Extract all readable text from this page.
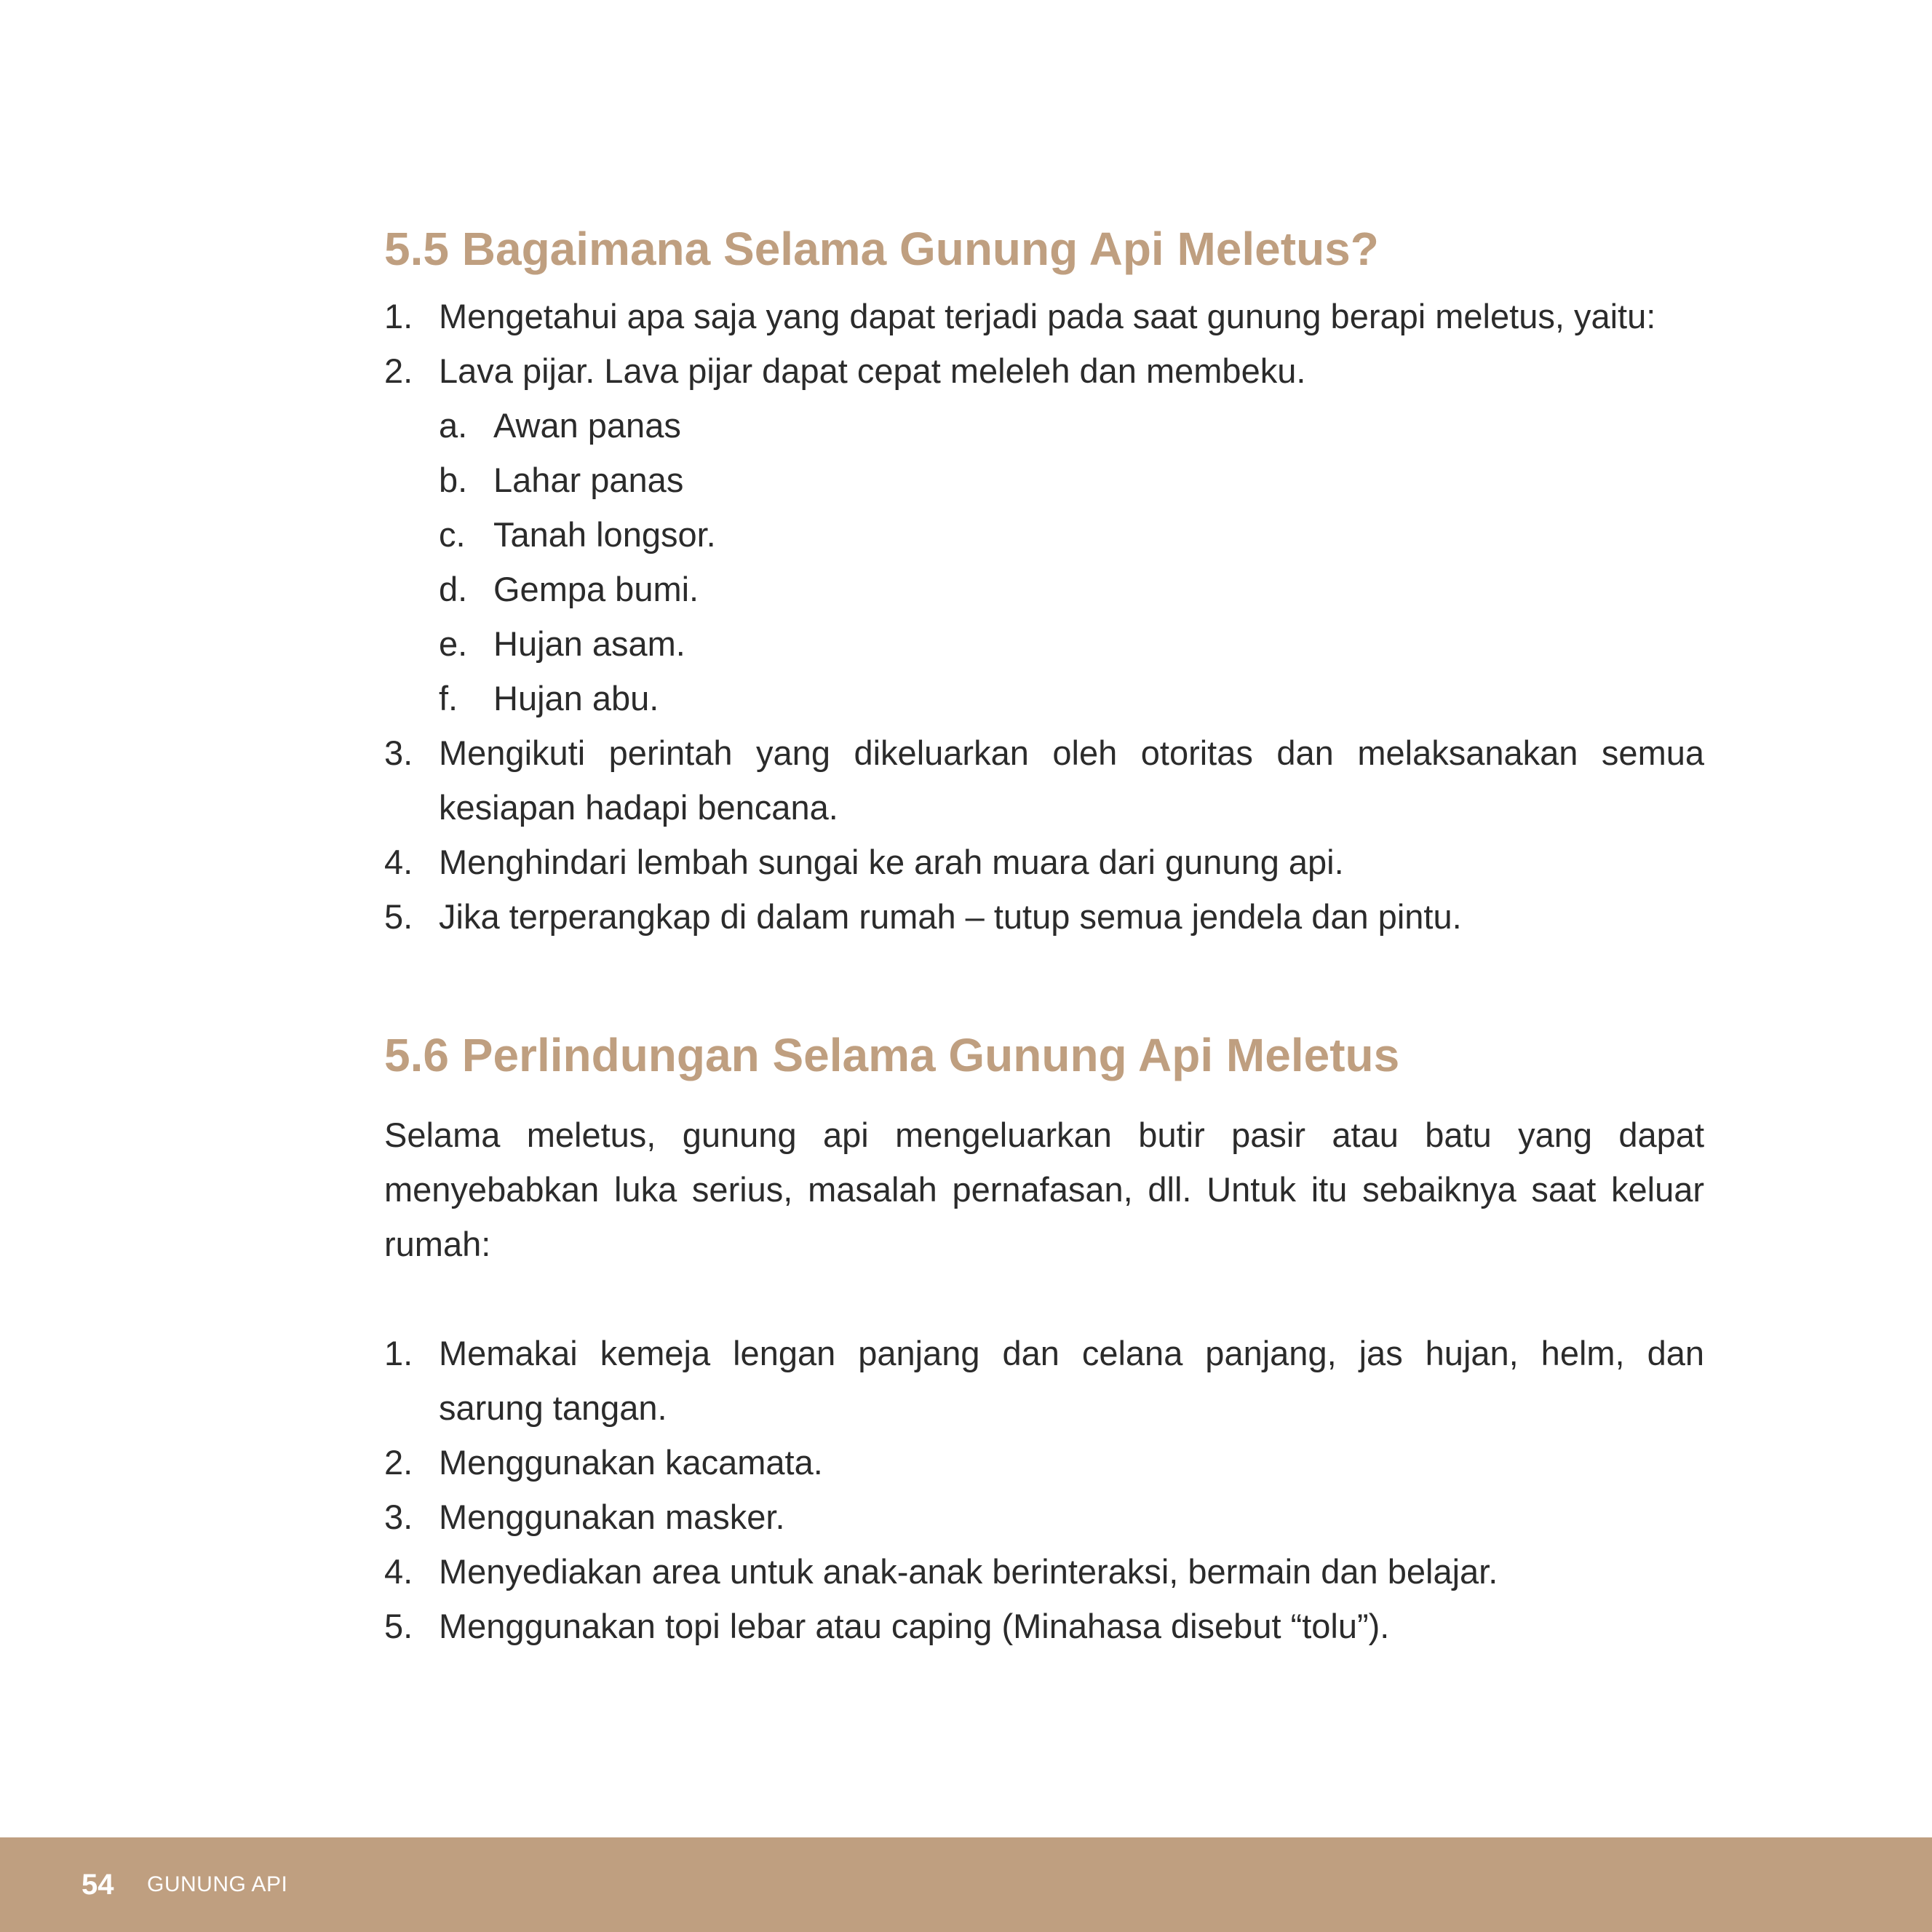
5.5 Bagaimana Selama Gunung Api Meletus?
1. Mengetahui apa saja yang dapat terjadi pada saat gunung berapi meletus, yaitu:
2. Lava pijar. Lava pijar dapat cepat meleleh dan membeku.
a. Awan panas
b. Lahar panas
c. Tanah longsor.
d. Gempa bumi.
e. Hujan asam.
f. Hujan abu.
3. Mengikuti perintah yang dikeluarkan oleh otoritas dan melaksanakan semua
kesiapan hadapi bencana.
4. Menghindari lembah sungai ke arah muara dari gunung api.
5. Jika terperangkap di dalam rumah – tutup semua jendela dan pintu.
5.6 Perlindungan Selama Gunung Api Meletus
Selama meletus, gunung api mengeluarkan butir pasir atau batu yang dapat
menyebabkan luka serius, masalah pernafasan, dll. Untuk itu sebaiknya saat keluar
rumah:
1. Memakai kemeja lengan panjang dan celana panjang, jas hujan, helm, dan
sarung tangan.
2. Menggunakan kacamata.
3. Menggunakan masker.
4. Menyediakan area untuk anak-anak berinteraksi, bermain dan belajar.
5. Menggunakan topi lebar atau caping (Minahasa disebut “tolu”).
54 GUNUNG API
